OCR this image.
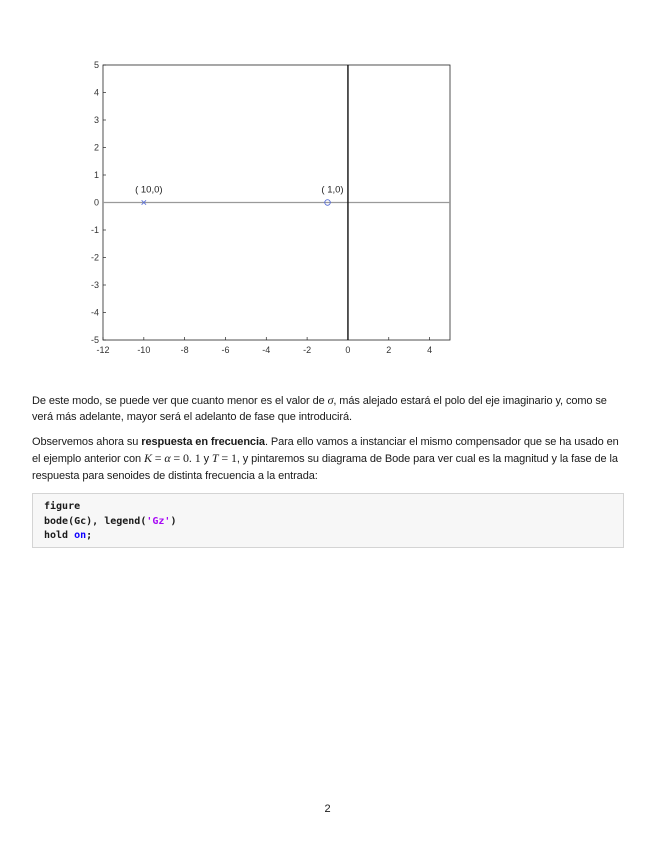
-12	-10	-8	-6	-4	-2	0	2	4
5
4
3
2
1
0
-1
-2
-3
-4
-5
( 10,0)	( 1,0)
De este modo, se puede ver que cuanto menor es el valor de σ, más alejado estará el polo del eje imaginario y, como se verá más adelante, mayor será el adelanto de fase que introducirá.
Observemos ahora su respuesta en frecuencia. Para ello vamos a instanciar el mismo compensador que se ha usado en el ejemplo anterior con K = α = 0. 1 y T = 1, y pintaremos su diagrama de Bode para ver cual es la magnitud y la fase de la respuesta para senoides de distinta frecuencia a la entrada:
figure
bode(Gc), legend('Gz')
hold on;
2
